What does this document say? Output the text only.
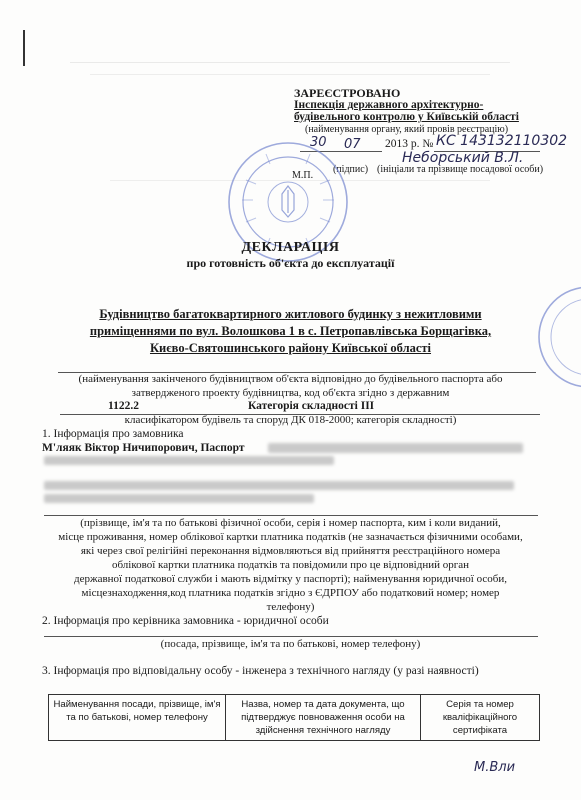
ЗАРЕЄСТРОВАНО
Інспекція державного архітектурно-
будівельного контролю у Київській області
(найменування органу, який провів реєстрацію)
30 07 2013 р. № КС 143132110302
Неборський В.Л.
(підпис) (ініціали та прізвище посадової особи)
М.П.
ДЕКЛАРАЦІЯ
про готовність об'єкта до експлуатації
Будівництво багатоквартирного житлового будинку з нежитловими
приміщеннями по вул. Волошкова 1 в с. Петропавлівська Борщагівка,
Києво-Святошинського району Київської області
(найменування закінченого будівництвом об'єкта відповідно до будівельного паспорта або
затвердженого проекту будівництва, код об'єкта згідно з державним
1122.2	Категорія складності ІІІ
класифікатором будівель та споруд ДК 018-2000; категорія складності)
1. Інформація про замовника
М'ляяк Віктор Ничипорович, Паспорт
(прізвище, ім'я та по батькові фізичної особи, серія і номер паспорта, ким і коли виданий,
місце проживання, номер облікової картки платника податків (не зазначається фізичними особами,
які через свої релігійні переконання відмовляються від прийняття реєстраційного номера
облікової картки платника податків та повідомили про це відповідний орган
державної податкової служби і мають відмітку у паспорті); найменування юридичної особи,
місцезнаходження,код платника податків згідно з ЄДРПОУ або податковий номер; номер
телефону)
2. Інформація про керівника замовника - юридичної особи
(посада, прізвище, ім'я та по батькові, номер телефону)
3. Інформація про відповідальну особу - інженера з технічного нагляду (у разі наявності)
Найменування посади, прізвище, ім'я та по батькові, номер телефону	Назва, номер та дата документа, що підтверджує повноваження особи на здійснення технічного нагляду	Серія та номер кваліфікаційного сертифіката
М.Вли
